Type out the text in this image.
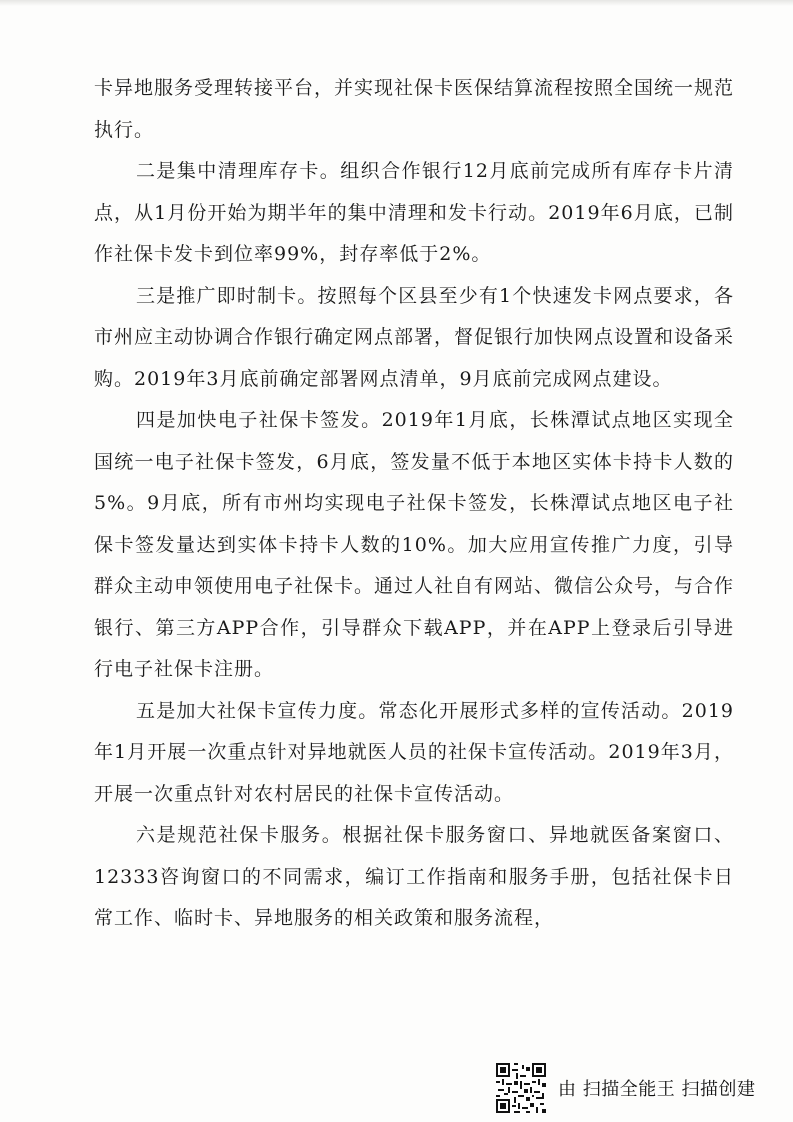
卡异地服务受理转接平台，并实现社保卡医保结算流程按照全国统一规范执行。

二是集中清理库存卡。组织合作银行12月底前完成所有库存卡片清点，从1月份开始为期半年的集中清理和发卡行动。2019年6月底，已制作社保卡发卡到位率99%，封存率低于2%。

三是推广即时制卡。按照每个区县至少有1个快速发卡网点要求，各市州应主动协调合作银行确定网点部署，督促银行加快网点设置和设备采购。2019年3月底前确定部署网点清单，9月底前完成网点建设。

四是加快电子社保卡签发。2019年1月底，长株潭试点地区实现全国统一电子社保卡签发，6月底，签发量不低于本地区实体卡持卡人数的5%。9月底，所有市州均实现电子社保卡签发，长株潭试点地区电子社保卡签发量达到实体卡持卡人数的10%。加大应用宣传推广力度，引导群众主动申领使用电子社保卡。通过人社自有网站、微信公众号，与合作银行、第三方APP合作，引导群众下载APP，并在APP上登录后引导进行电子社保卡注册。

五是加大社保卡宣传力度。常态化开展形式多样的宣传活动。2019年1月开展一次重点针对异地就医人员的社保卡宣传活动。2019年3月，开展一次重点针对农村居民的社保卡宣传活动。

六是规范社保卡服务。根据社保卡服务窗口、异地就医备案窗口、12333咨询窗口的不同需求，编订工作指南和服务手册，包括社保卡日常工作、临时卡、异地服务的相关政策和服务流程，

由 扫描全能王 扫描创建
